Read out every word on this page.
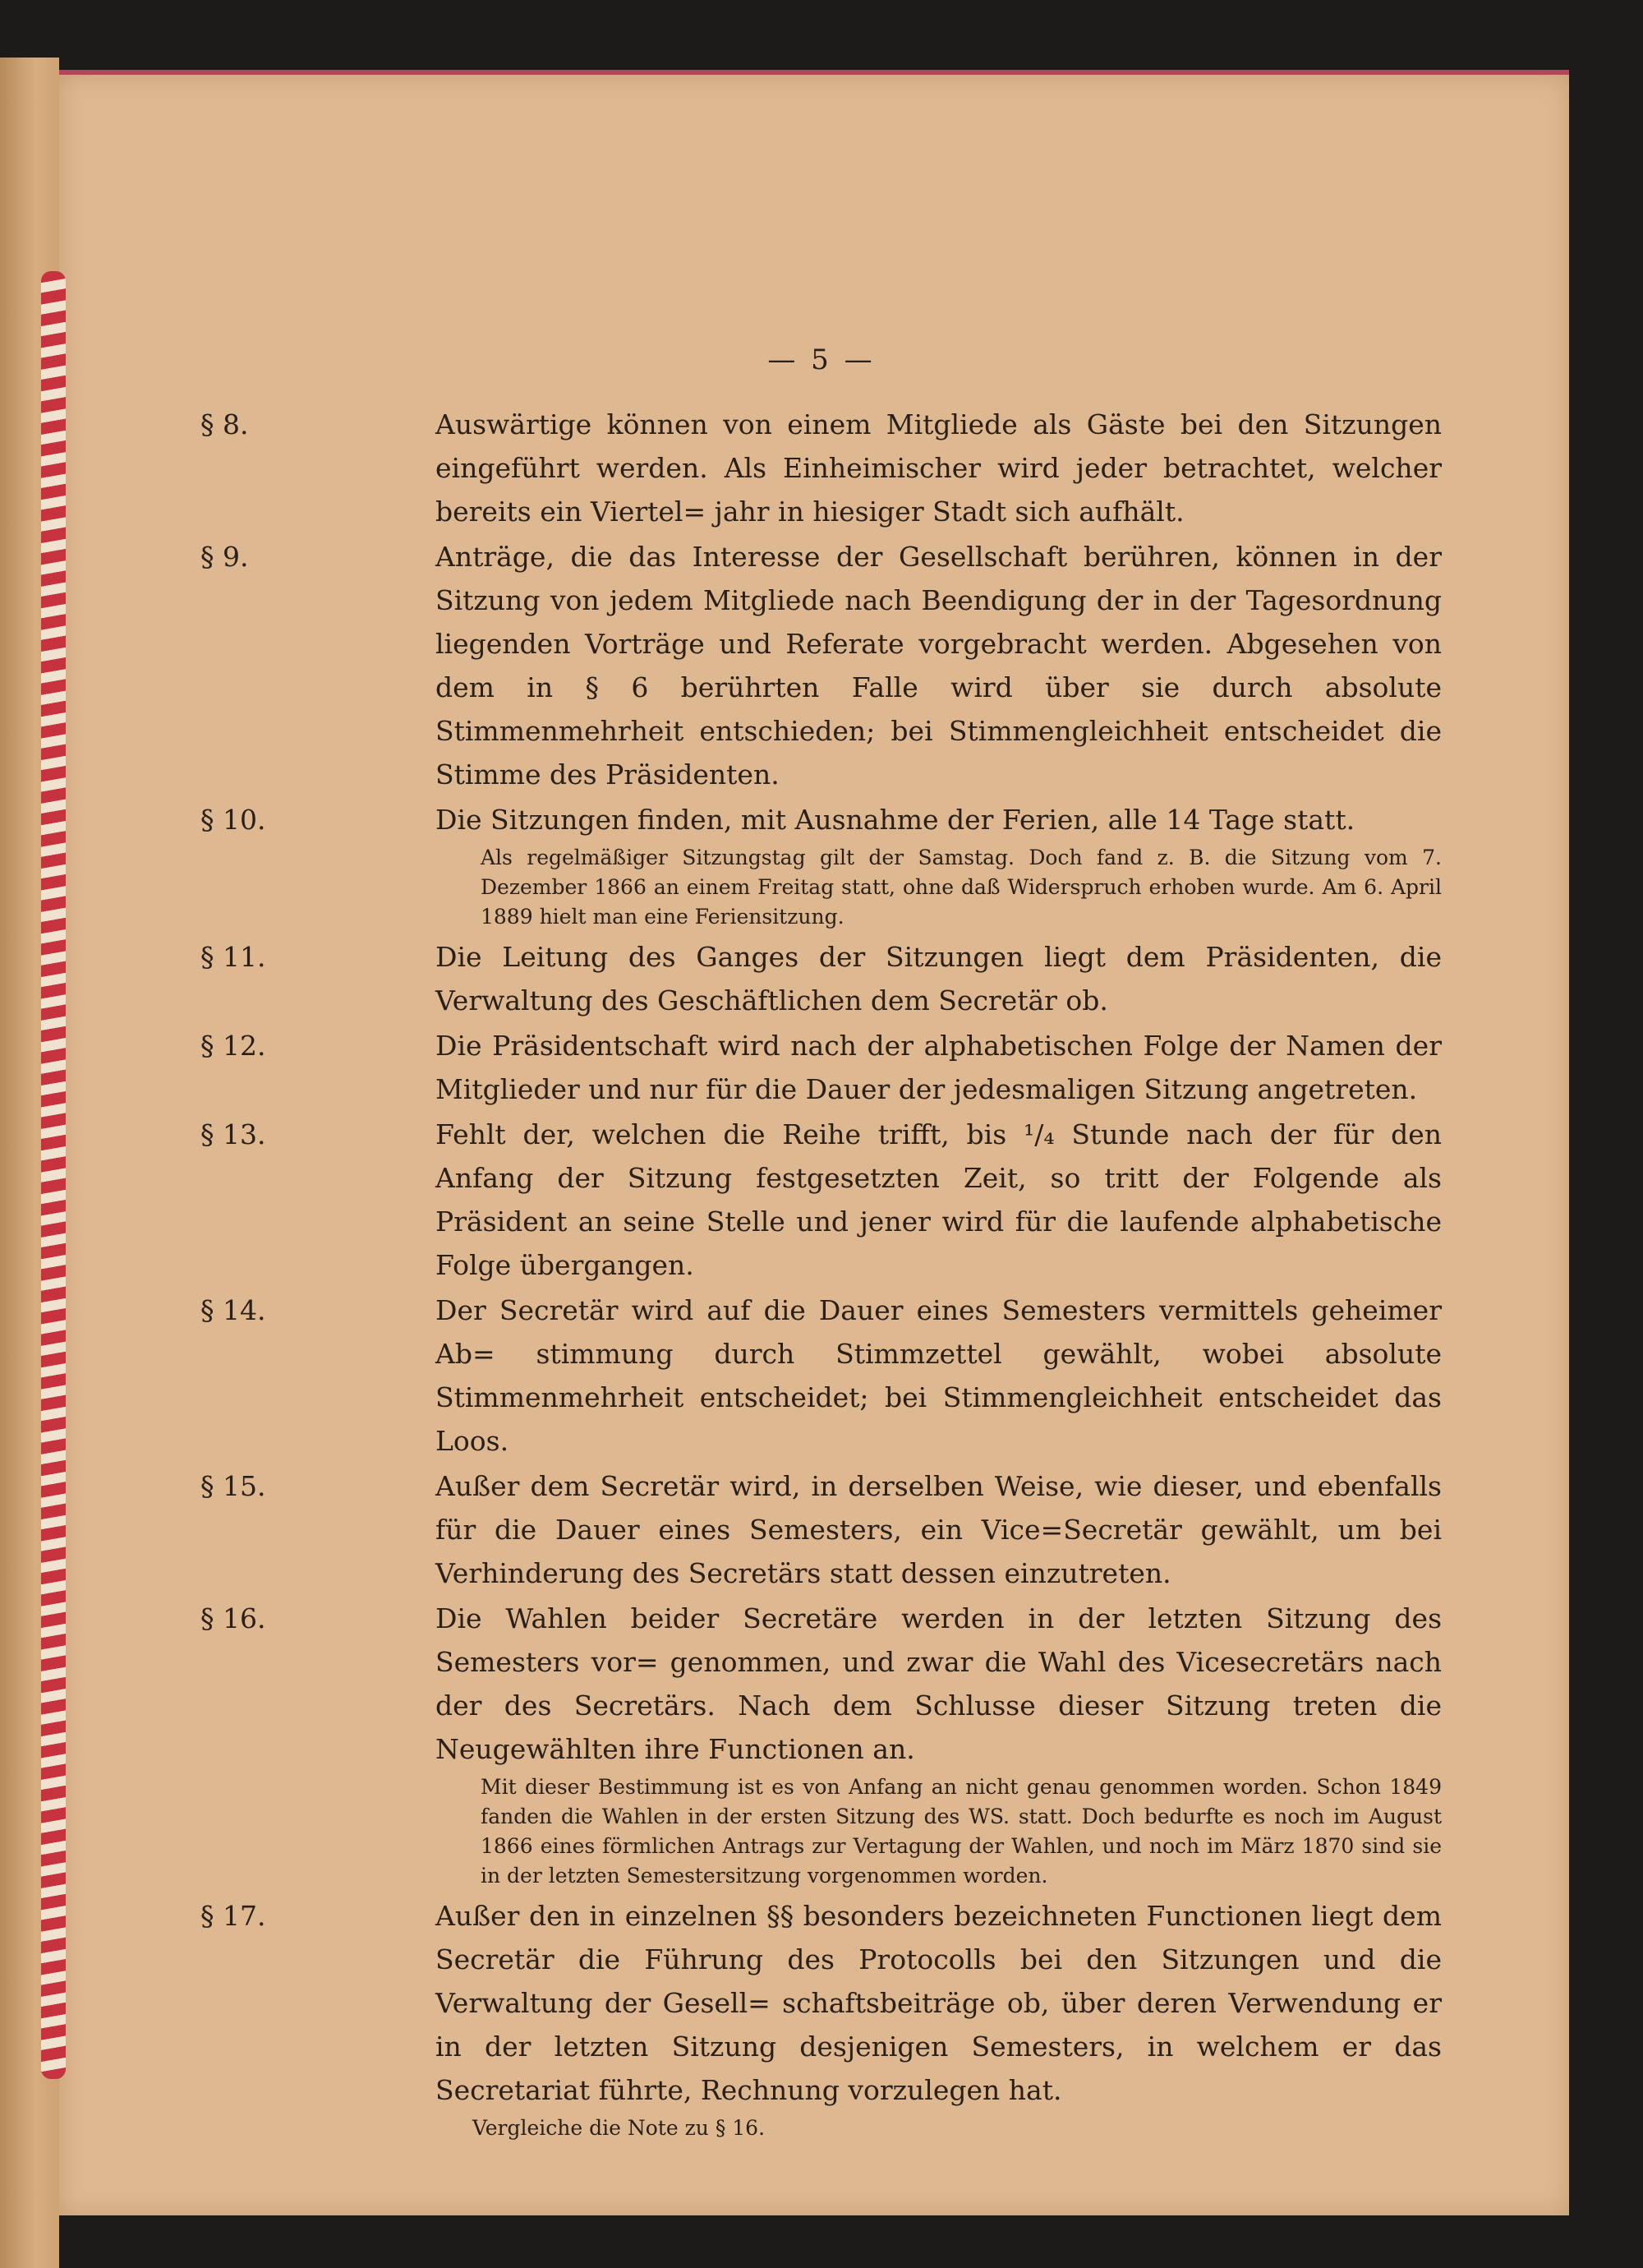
— 5 —
§ 8.	Auswärtige können von einem Mitgliede als Gäste bei den Sitzungen eingeführt werden. Als Einheimischer wird jeder betrachtet, welcher bereits ein Viertel= jahr in hiesiger Stadt sich aufhält.
§ 9.	Anträge, die das Interesse der Gesellschaft berühren, können in der Sitzung von jedem Mitgliede nach Beendigung der in der Tagesordnung liegenden Vorträge und Referate vorgebracht werden. Abgesehen von dem in § 6 berührten Falle wird über sie durch absolute Stimmenmehrheit entschieden; bei Stimmengleichheit entscheidet die Stimme des Präsidenten.
§ 10.	Die Sitzungen finden, mit Ausnahme der Ferien, alle 14 Tage statt.
Als regelmäßiger Sitzungstag gilt der Samstag. Doch fand z. B. die Sitzung vom 7. Dezember 1866 an einem Freitag statt, ohne daß Widerspruch erhoben wurde. Am 6. April 1889 hielt man eine Feriensitzung.
§ 11.	Die Leitung des Ganges der Sitzungen liegt dem Präsidenten, die Verwaltung des Geschäftlichen dem Secretär ob.
§ 12.	Die Präsidentschaft wird nach der alphabetischen Folge der Namen der Mitglieder und nur für die Dauer der jedesmaligen Sitzung angetreten.
§ 13.	Fehlt der, welchen die Reihe trifft, bis ¹/₄ Stunde nach der für den Anfang der Sitzung festgesetzten Zeit, so tritt der Folgende als Präsident an seine Stelle und jener wird für die laufende alphabetische Folge übergangen.
§ 14.	Der Secretär wird auf die Dauer eines Semesters vermittels geheimer Ab= stimmung durch Stimmzettel gewählt, wobei absolute Stimmenmehrheit entscheidet; bei Stimmengleichheit entscheidet das Loos.
§ 15.	Außer dem Secretär wird, in derselben Weise, wie dieser, und ebenfalls für die Dauer eines Semesters, ein Vice=Secretär gewählt, um bei Verhinderung des Secretärs statt dessen einzutreten.
§ 16.	Die Wahlen beider Secretäre werden in der letzten Sitzung des Semesters vor= genommen, und zwar die Wahl des Vicesecretärs nach der des Secretärs. Nach dem Schlusse dieser Sitzung treten die Neugewählten ihre Functionen an.
Mit dieser Bestimmung ist es von Anfang an nicht genau genommen worden. Schon 1849 fanden die Wahlen in der ersten Sitzung des WS. statt. Doch bedurfte es noch im August 1866 eines förmlichen Antrags zur Vertagung der Wahlen, und noch im März 1870 sind sie in der letzten Semestersitzung vorgenommen worden.
§ 17.	Außer den in einzelnen §§ besonders bezeichneten Functionen liegt dem Secretär die Führung des Protocolls bei den Sitzungen und die Verwaltung der Gesell= schaftsbeiträge ob, über deren Verwendung er in der letzten Sitzung desjenigen Semesters, in welchem er das Secretariat führte, Rechnung vorzulegen hat.
Vergleiche die Note zu § 16.
